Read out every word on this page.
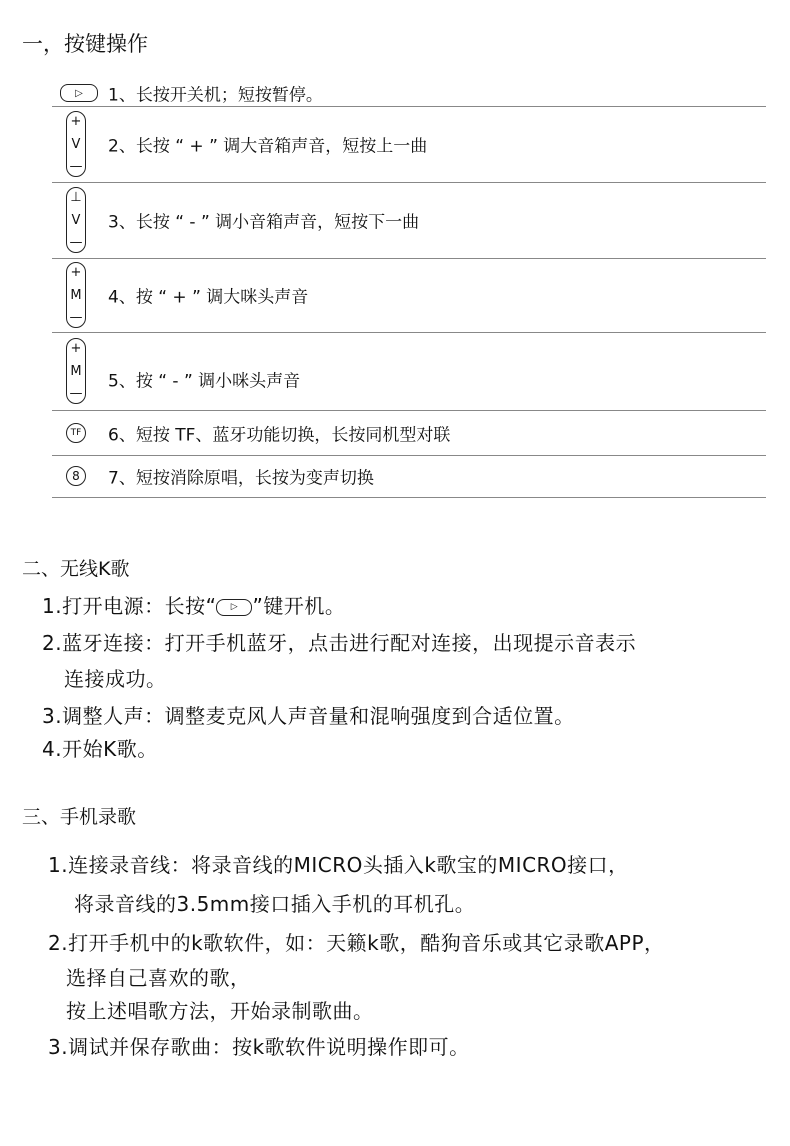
一，按键操作
▷ 1、长按开关机；短按暂停。
+
V
—
2、长按 “ + ” 调大音箱声音，短按上一曲
⊥
V
—
3、长按 “ - ” 调小音箱声音，短按下一曲
+
M
—
4、按 “ + ” 调大咪头声音
+
M
—
5、按 “ - ” 调小咪头声音
TF 6、短按 TF、蓝牙功能切换，长按同机型对联
8 7、短按消除原唱，长按为变声切换
二、无线K歌
1.打开电源：长按“ ▷ ”键开机。
2.蓝牙连接：打开手机蓝牙，点击进行配对连接，出现提示音表示
连接成功。
3.调整人声：调整麦克风人声音量和混响强度到合适位置。
4.开始K歌。
三、手机录歌
1.连接录音线：将录音线的MICRO头插入k歌宝的MICRO接口，
将录音线的3.5mm接口插入手机的耳机孔。
2.打开手机中的k歌软件，如：天籁k歌，酷狗音乐或其它录歌APP，
选择自己喜欢的歌，
按上述唱歌方法，开始录制歌曲。
3.调试并保存歌曲：按k歌软件说明操作即可。
